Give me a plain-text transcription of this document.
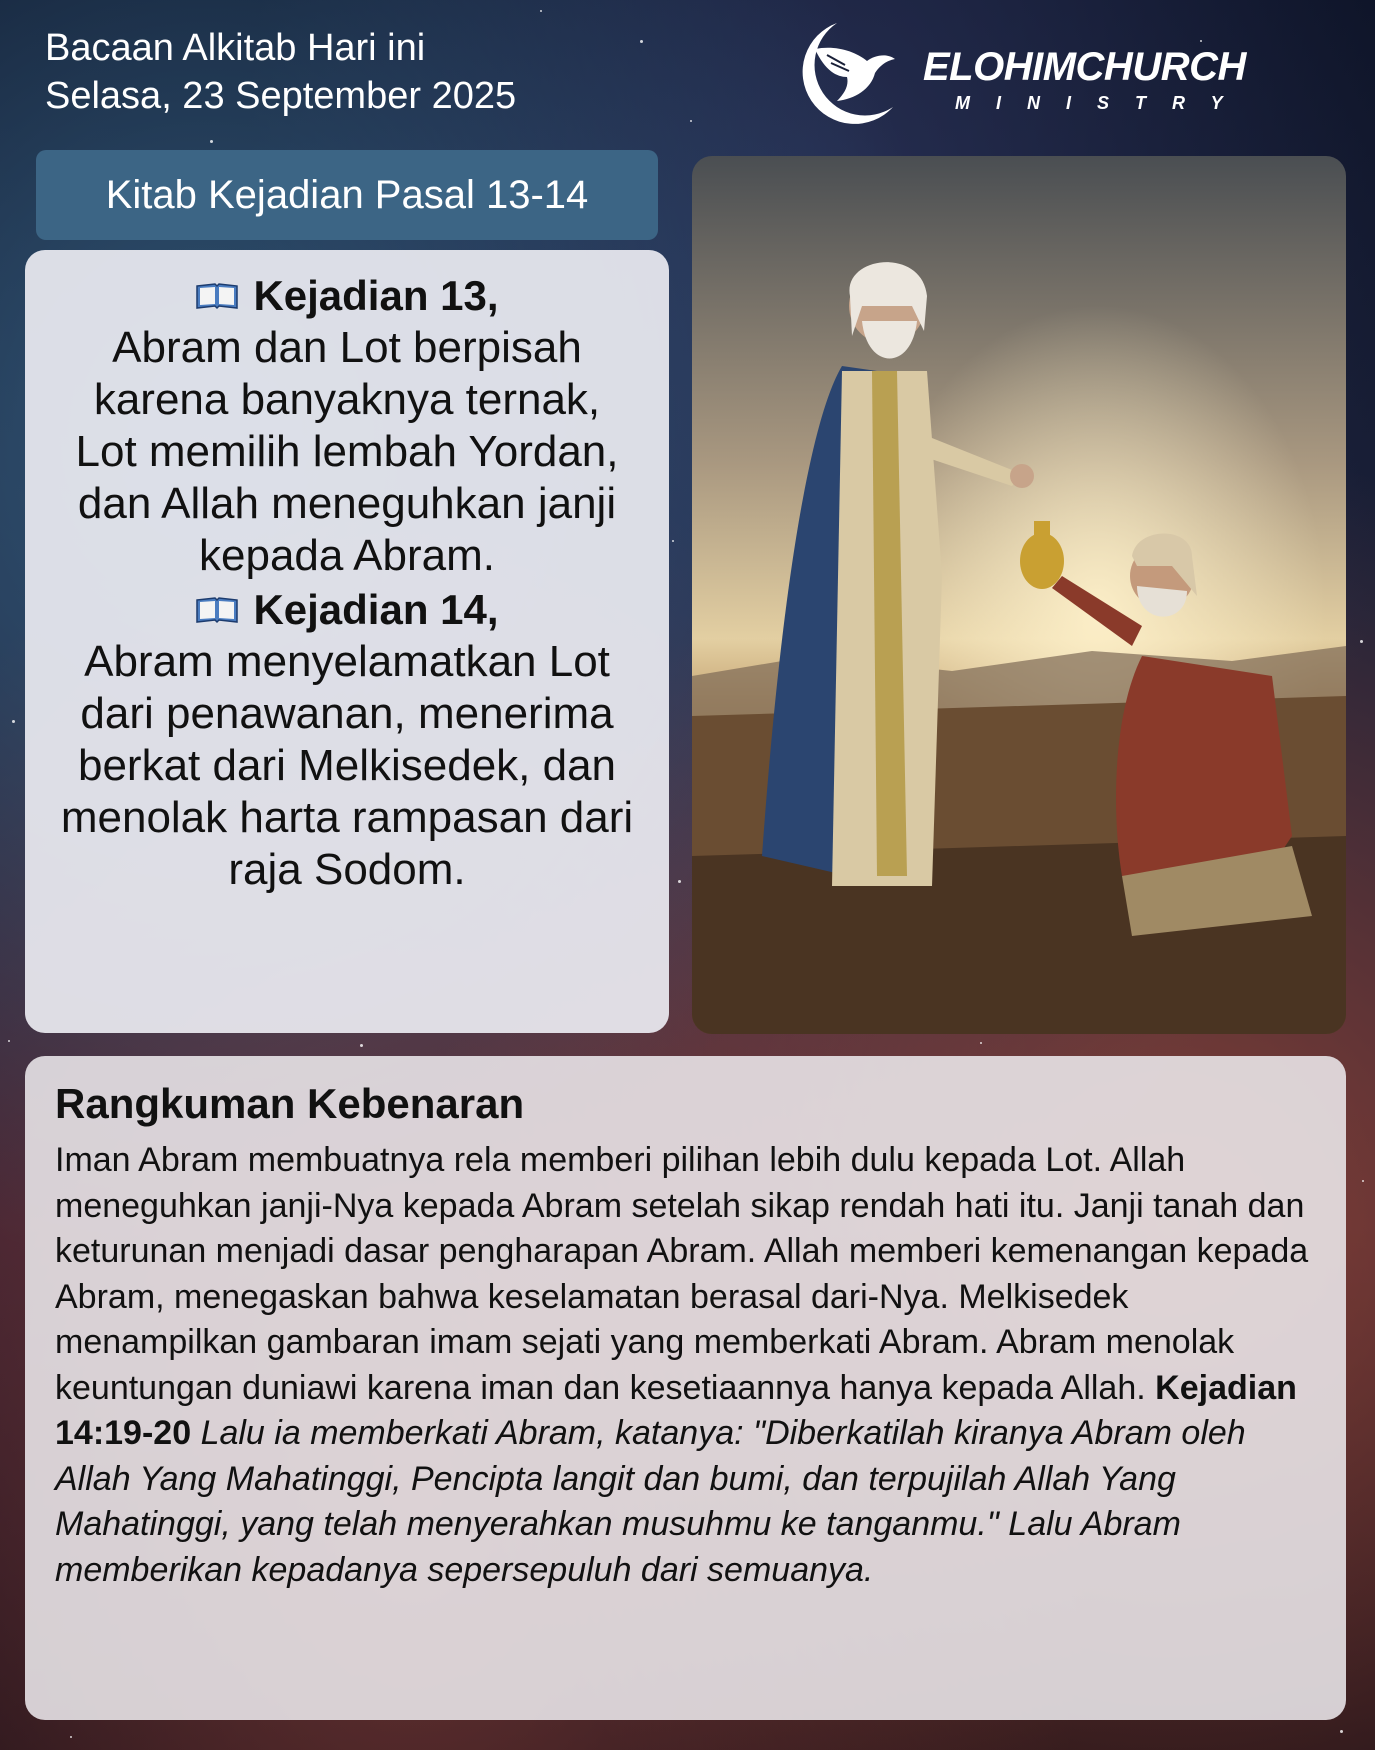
Bacaan Alkitab Hari ini
Selasa, 23 September 2025
ELOHIMCHURCH
MINISTRY
Kitab Kejadian Pasal 13-14
Kejadian 13,

Abram dan Lot berpisah karena banyaknya ternak, Lot memilih lembah Yordan, dan Allah meneguhkan janji kepada Abram.

Kejadian 14,

Abram menyelamatkan Lot dari penawanan, menerima berkat dari Melkisedek, dan menolak harta rampasan dari raja Sodom.

Rangkuman Kebenaran

Iman Abram membuatnya rela memberi pilihan lebih dulu kepada Lot. Allah meneguhkan janji-Nya kepada Abram setelah sikap rendah hati itu. Janji tanah dan keturunan menjadi dasar pengharapan Abram. Allah memberi kemenangan kepada Abram, menegaskan bahwa keselamatan berasal dari-Nya. Melkisedek menampilkan gambaran imam sejati yang memberkati Abram. Abram menolak keuntungan duniawi karena iman dan kesetiaannya hanya kepada Allah. Kejadian 14:19-20 Lalu ia memberkati Abram, katanya: "Diberkatilah kiranya Abram oleh Allah Yang Mahatinggi, Pencipta langit dan bumi, dan terpujilah Allah Yang Mahatinggi, yang telah menyerahkan musuhmu ke tanganmu." Lalu Abram memberikan kepadanya sepersepuluh dari semuanya.
